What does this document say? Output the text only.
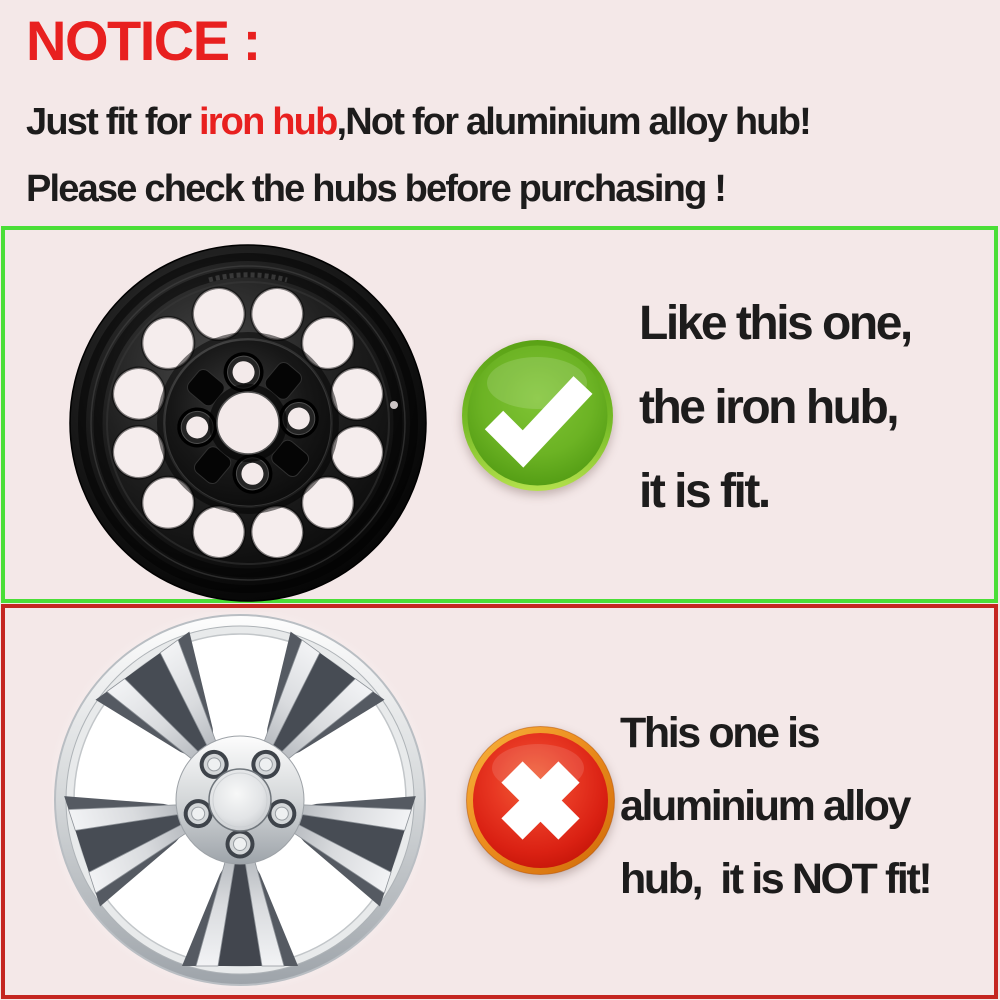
NOTICE :

Just fit for iron hub,Not for aluminium alloy hub!

Please check the hubs before purchasing !

Like this one,

the iron hub,

it is fit.

This one is

aluminium alloy

hub,  it is NOT fit!
